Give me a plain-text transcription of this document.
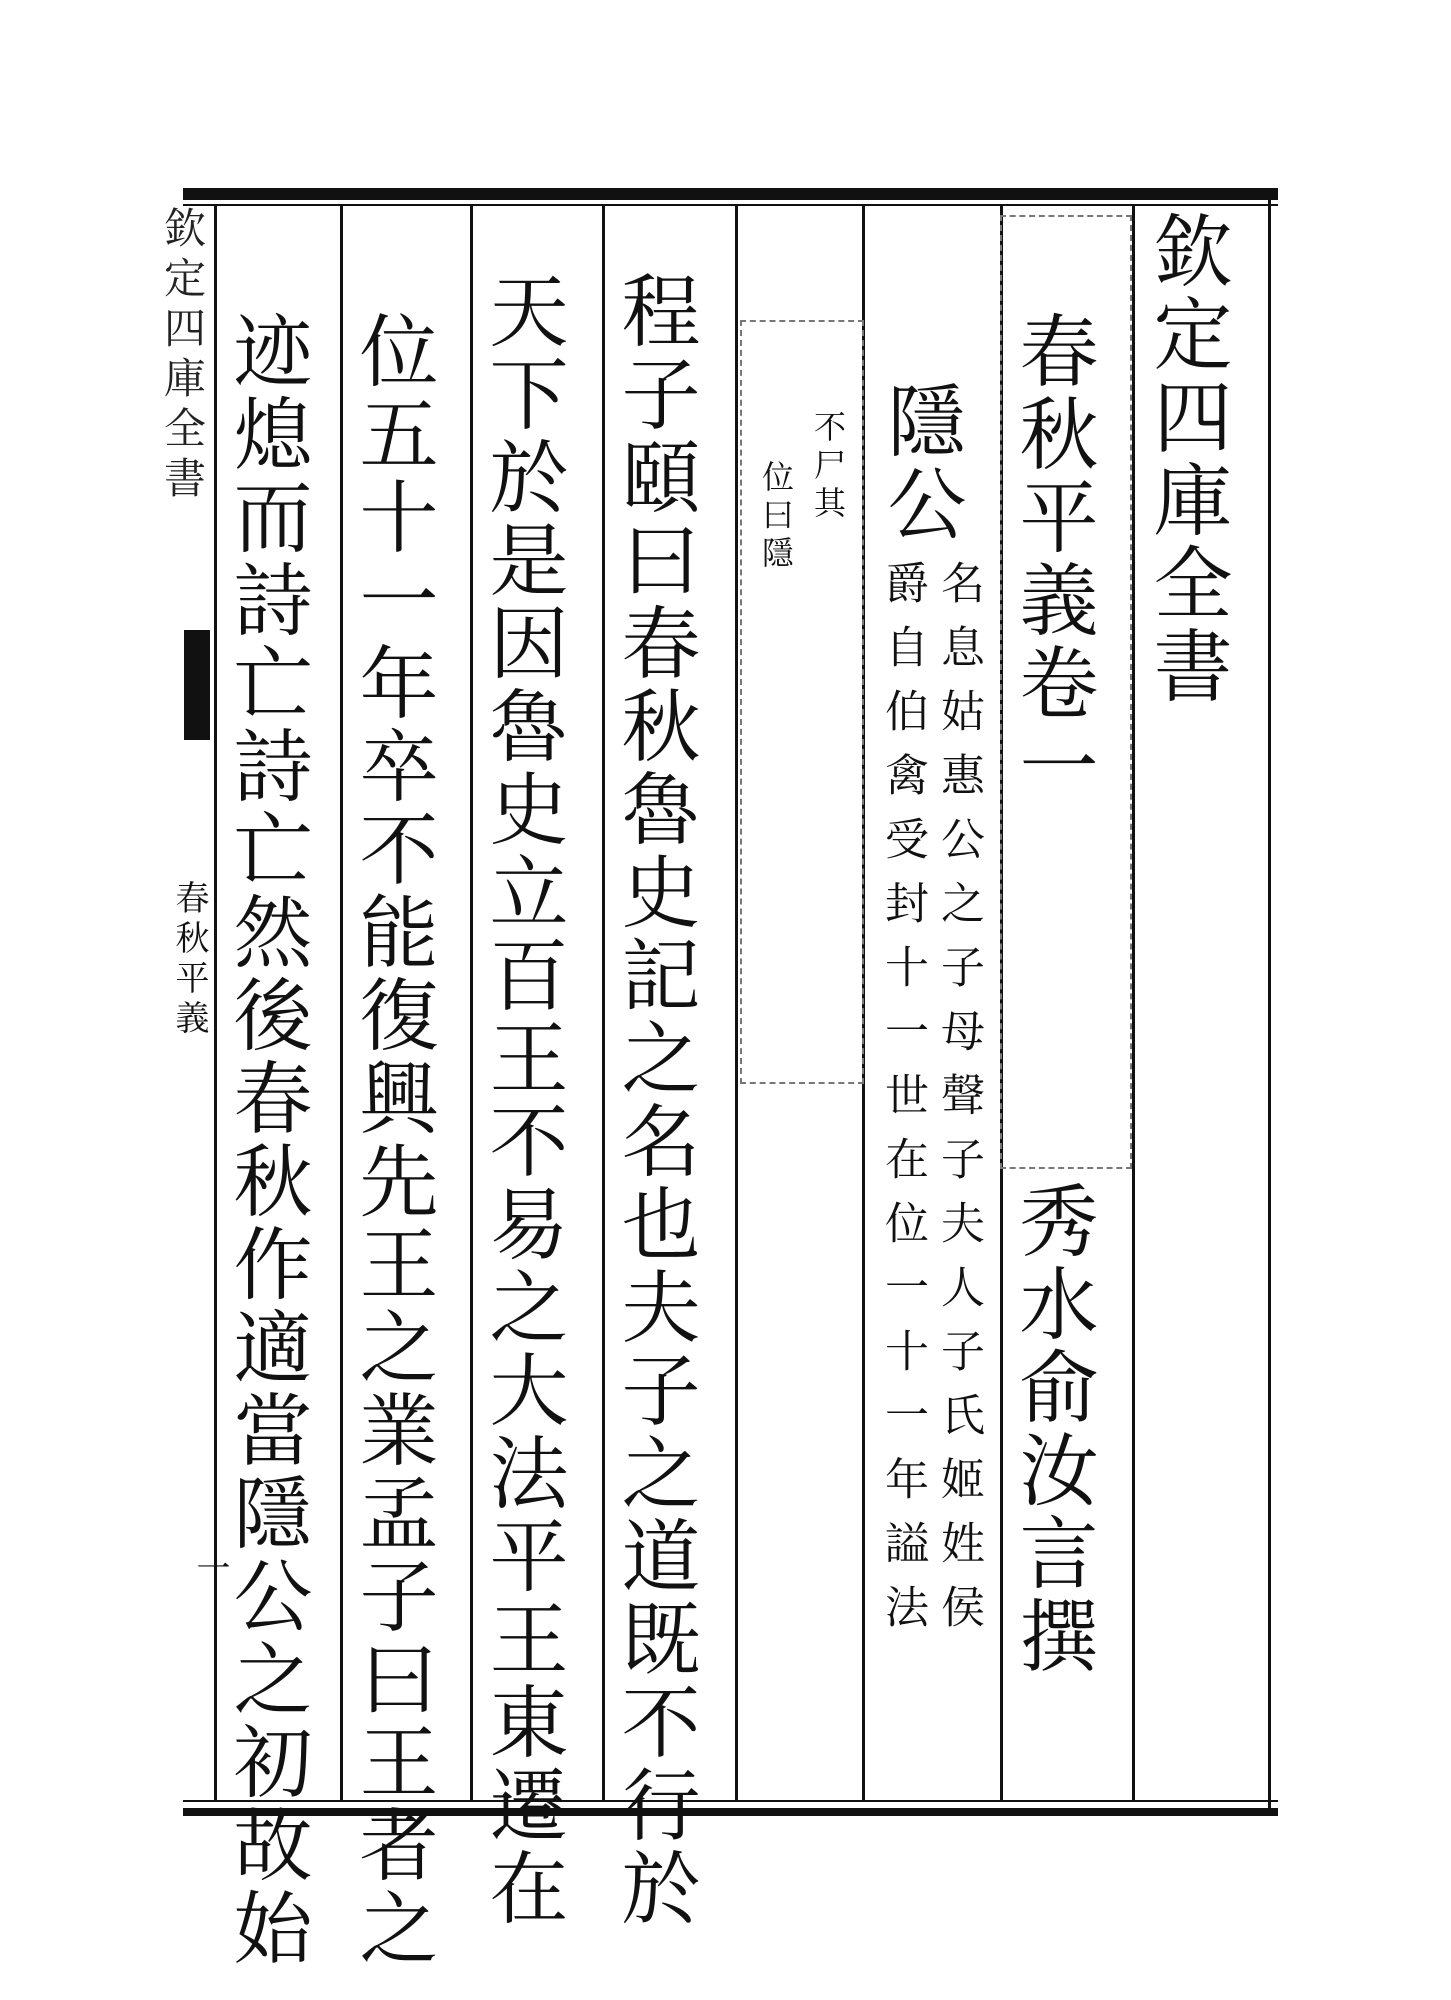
欽定四庫全書
春秋平義卷一
秀水俞汝言撰
隱公
名息姑惠公之子母聲子夫人子氏姬姓侯
爵自伯禽受封十一世在位一十一年謚法
不尸其
位曰隱
程子頤曰春秋魯史記之名也夫子之道既不行於
天下於是因魯史立百王不易之大法平王東遷在
位五十一年卒不能復興先王之業孟子曰王者之
迹熄而詩亡詩亡然後春秋作適當隱公之初故始
欽定四庫全書
春秋平義
一
